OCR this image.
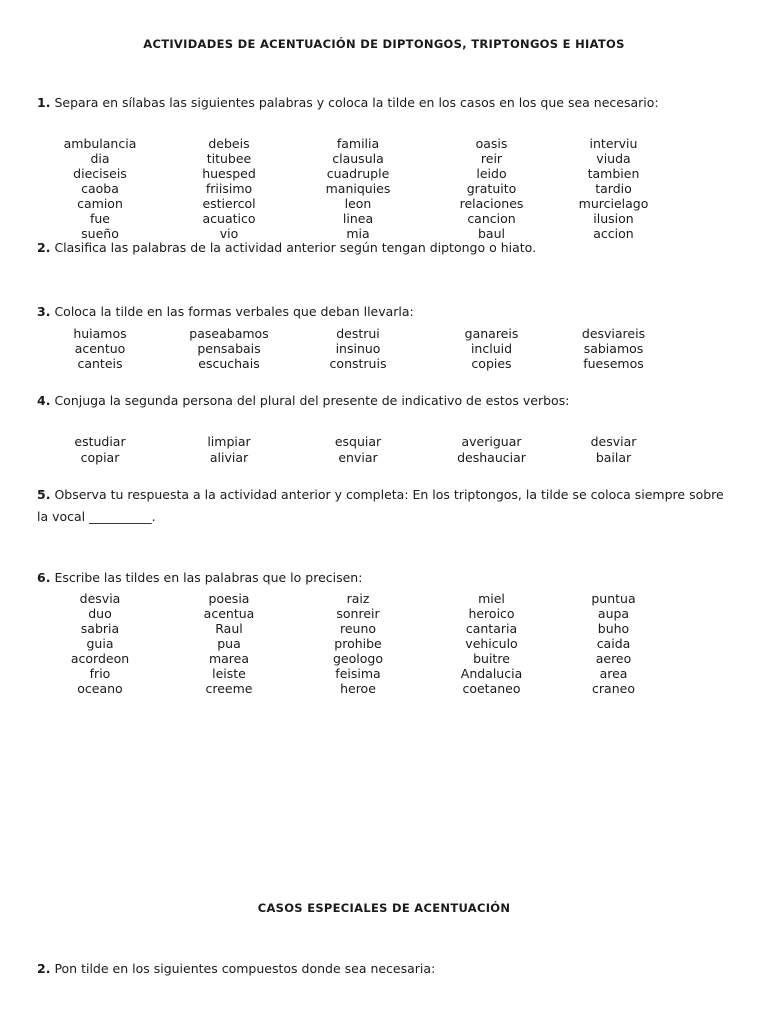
ACTIVIDADES DE ACENTUACIÓN DE DIPTONGOS, TRIPTONGOS E HIATOS
1. Separa en sílabas las siguientes palabras y coloca la tilde en los casos en los que sea necesario:
ambulancia	debeis	familia	oasis	interviu
dia	titubee	clausula	reir	viuda
dieciseis	huesped	cuadruple	leido	tambien
caoba	friisimo	maniquies	gratuito	tardio
camion	estiercol	leon	relaciones	murcielago
fue	acuatico	linea	cancion	ilusion
sueño	vio	mia	baul	accion
2. Clasifica las palabras de la actividad anterior según tengan diptongo o hiato.
3. Coloca la tilde en las formas verbales que deban llevarla:
huiamos	paseabamos	destrui	ganareis	desviareis
acentuo	pensabais	insinuo	incluid	sabiamos
canteis	escuchais	construis	copies	fuesemos
4. Conjuga la segunda persona del plural del presente de indicativo de estos verbos:
estudiar	limpiar	esquiar	averiguar	desviar
copiar	aliviar	enviar	deshauciar	bailar
5. Observa tu respuesta a la actividad anterior y completa: En los triptongos, la tilde se coloca siempre sobre la vocal __________.
6. Escribe las tildes en las palabras que lo precisen:
desvia	poesia	raiz	miel	puntua
duo	acentua	sonreir	heroico	aupa
sabria	Raul	reuno	cantaria	buho
guia	pua	prohibe	vehiculo	caida
acordeon	marea	geologo	buitre	aereo
frio	leiste	feisima	Andalucia	area
oceano	creeme	heroe	coetaneo	craneo
CASOS ESPECIALES DE ACENTUACIÓN
2. Pon tilde en los siguientes compuestos donde sea necesaria:
